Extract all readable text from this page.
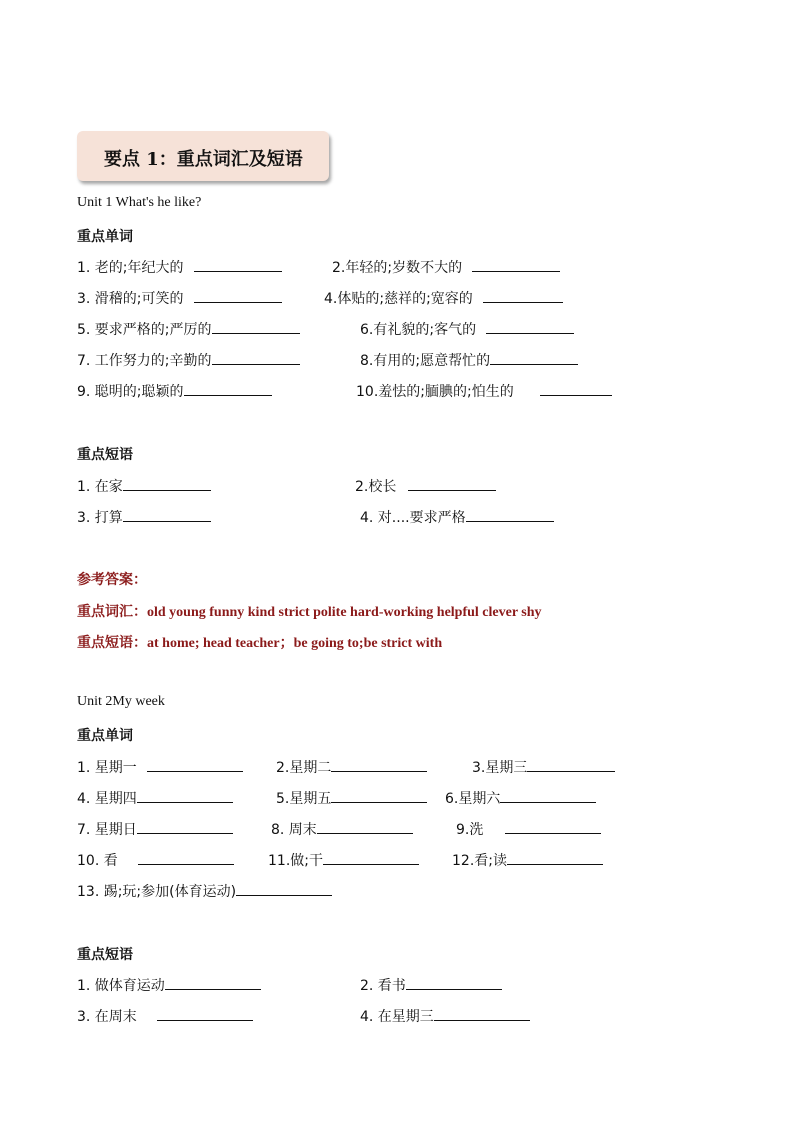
要点 1：重点词汇及短语
Unit 1 What's he like?
重点单词
1. 老的;年纪大的	2.年轻的;岁数不大的
3. 滑稽的;可笑的	4.体贴的;慈祥的;宽容的
5. 要求严格的;严厉的	6.有礼貌的;客气的
7. 工作努力的;辛勤的	8.有用的;愿意帮忙的
9. 聪明的;聪颖的	10.羞怯的;腼腆的;怕生的
重点短语
1. 在家	2.校长
3. 打算	4. 对....要求严格
参考答案：
重点词汇：old young funny kind strict polite hard-working helpful clever shy
重点短语：at home; head teacher；be going to;be strict with
Unit 2My week
重点单词
1. 星期一	2.星期二	3.星期三
4. 星期四	5.星期五	6.星期六
7. 星期日	8. 周末	9.洗
10. 看	11.做;干	12.看;读
13. 踢;玩;参加(体育运动)
重点短语
1. 做体育运动	2. 看书
3. 在周末	4. 在星期三
